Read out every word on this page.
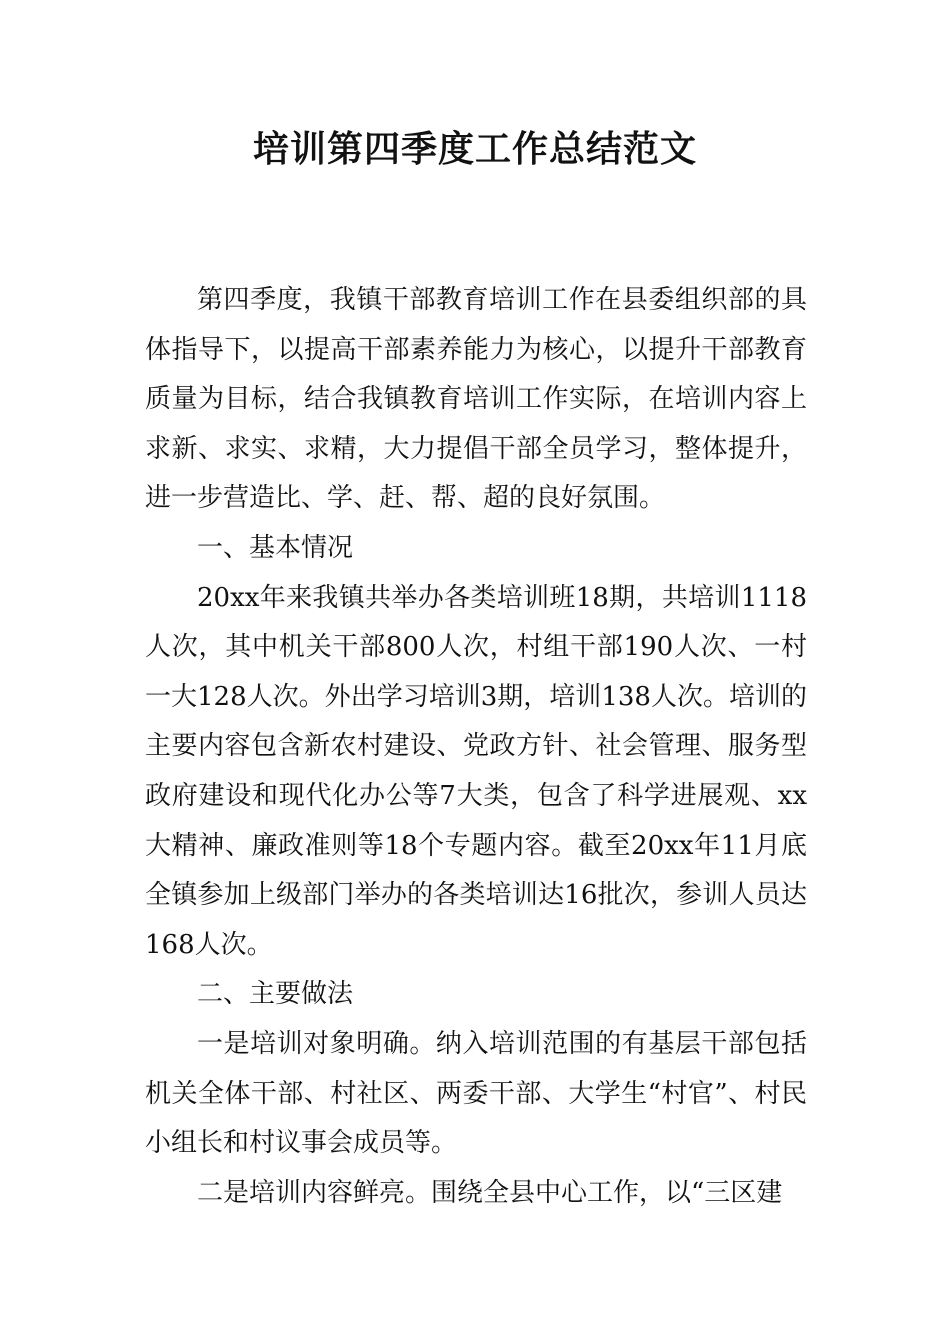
培训第四季度工作总结范文

第四季度，我镇干部教育培训工作在县委组织部的具体指导下，以提高干部素养能力为核心，以提升干部教育质量为目标，结合我镇教育培训工作实际，在培训内容上求新、求实、求精，大力提倡干部全员学习，整体提升，进一步营造比、学、赶、帮、超的良好氛围。

一、基本情况

20xx年来我镇共举办各类培训班18期，共培训1118人次，其中机关干部800人次，村组干部190人次、一村一大128人次。外出学习培训3期，培训138人次。培训的主要内容包含新农村建设、党政方针、社会管理、服务型政府建设和现代化办公等7大类，包含了科学进展观、xx大精神、廉政准则等18个专题内容。截至20xx年11月底全镇参加上级部门举办的各类培训达16批次，参训人员达168人次。

二、主要做法

一是培训对象明确。纳入培训范围的有基层干部包括机关全体干部、村社区、两委干部、大学生“村官”、村民小组长和村议事会成员等。

二是培训内容鲜亮。围绕全县中心工作，以“三区建
